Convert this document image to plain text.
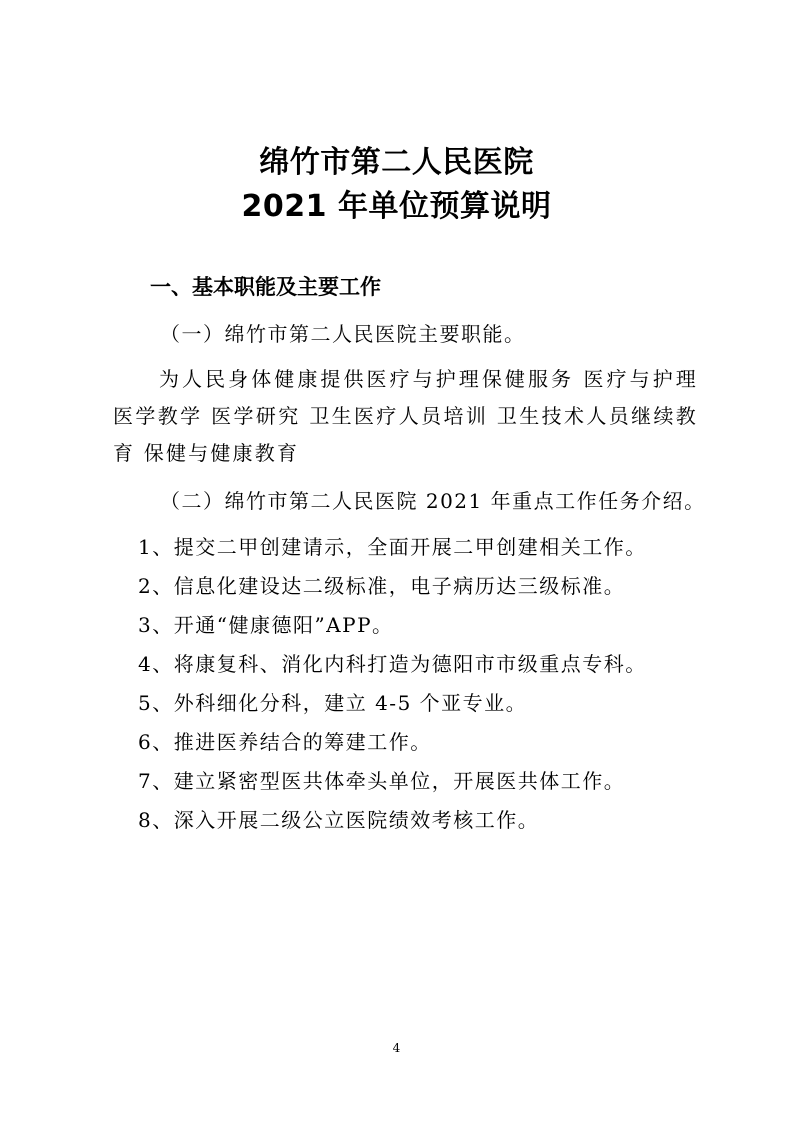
绵竹市第二人民医院
2021 年单位预算说明
一、基本职能及主要工作
（一）绵竹市第二人民医院主要职能。
为人民身体健康提供医疗与护理保健服务 医疗与护理 医学教学 医学研究 卫生医疗人员培训 卫生技术人员继续教育 保健与健康教育
（二）绵竹市第二人民医院 2021 年重点工作任务介绍。
1、提交二甲创建请示，全面开展二甲创建相关工作。
2、信息化建设达二级标准，电子病历达三级标准。
3、开通“健康德阳”APP。
4、将康复科、消化内科打造为德阳市市级重点专科。
5、外科细化分科，建立 4-5 个亚专业。
6、推进医养结合的筹建工作。
7、建立紧密型医共体牵头单位，开展医共体工作。
8、深入开展二级公立医院绩效考核工作。
4
